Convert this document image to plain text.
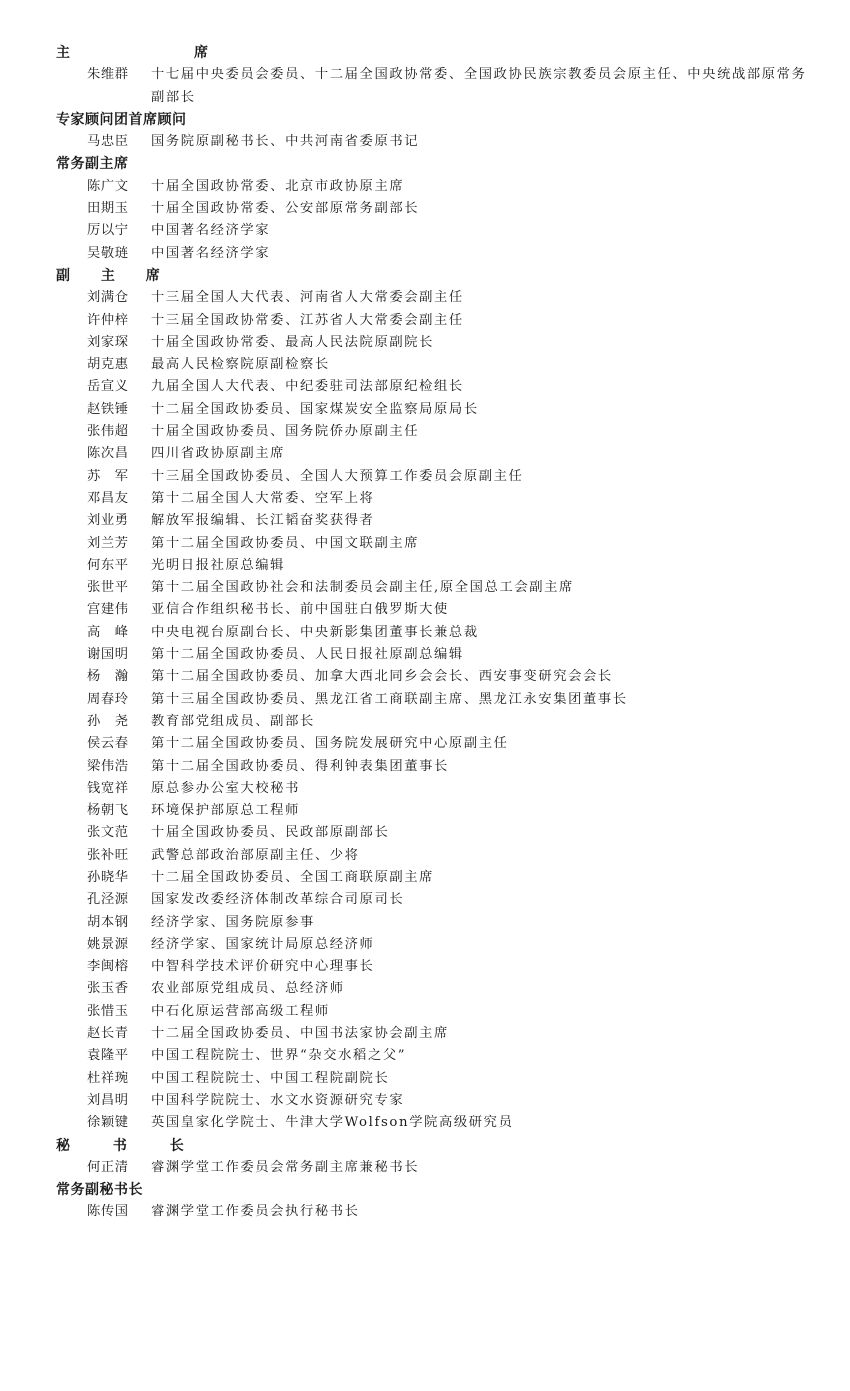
主　　席
朱维群	十七届中央委员会委员、十二届全国政协常委、全国政协民族宗教委员会原主任、中央统战部原常务副部长
专家顾问团首席顾问
马忠臣	国务院原副秘书长、中共河南省委原书记
常务副主席
陈广文	十届全国政协常委、北京市政协原主席
田期玉	十届全国政协常委、公安部原常务副部长
厉以宁	中国著名经济学家
吴敬琏	中国著名经济学家
副 主 席
刘满仓	十三届全国人大代表、河南省人大常委会副主任
许仲梓	十三届全国政协常委、江苏省人大常委会副主任
刘家琛	十届全国政协常委、最高人民法院原副院长
胡克惠	最高人民检察院原副检察长
岳宣义	九届全国人大代表、中纪委驻司法部原纪检组长
赵铁锤	十二届全国政协委员、国家煤炭安全监察局原局长
张伟超	十届全国政协委员、国务院侨办原副主任
陈次昌	四川省政协原副主席
苏　军	十三届全国政协委员、全国人大预算工作委员会原副主任
邓昌友	第十二届全国人大常委、空军上将
刘业勇	解放军报编辑、长江韬奋奖获得者
刘兰芳	第十二届全国政协委员、中国文联副主席
何东平	光明日报社原总编辑
张世平	第十二届全国政协社会和法制委员会副主任,原全国总工会副主席
宫建伟	亚信合作组织秘书长、前中国驻白俄罗斯大使
高　峰	中央电视台原副台长、中央新影集团董事长兼总裁
谢国明	第十二届全国政协委员、人民日报社原副总编辑
杨　瀚	第十二届全国政协委员、加拿大西北同乡会会长、西安事变研究会会长
周春玲	第十三届全国政协委员、黑龙江省工商联副主席、黑龙江永安集团董事长
孙　尧	教育部党组成员、副部长
侯云春	第十二届全国政协委员、国务院发展研究中心原副主任
梁伟浩	第十二届全国政协委员、得利钟表集团董事长
钱宽祥	原总参办公室大校秘书
杨朝飞	环境保护部原总工程师
张文范	十届全国政协委员、民政部原副部长
张补旺	武警总部政治部原副主任、少将
孙晓华	十二届全国政协委员、全国工商联原副主席
孔泾源	国家发改委经济体制改革综合司原司长
胡本钢	经济学家、国务院原参事
姚景源	经济学家、国家统计局原总经济师
李闽榕	中智科学技术评价研究中心理事长
张玉香	农业部原党组成员、总经济师
张惜玉	中石化原运营部高级工程师
赵长青	十二届全国政协委员、中国书法家协会副主席
袁隆平	中国工程院院士、世界“杂交水稻之父”
杜祥琬	中国工程院院士、中国工程院副院长
刘昌明	中国科学院院士、水文水资源研究专家
徐颖键	英国皇家化学院士、牛津大学Wolfson学院高级研究员
秘 书 长
何正清	睿渊学堂工作委员会常务副主席兼秘书长
常务副秘书长
陈传国	睿渊学堂工作委员会执行秘书长
